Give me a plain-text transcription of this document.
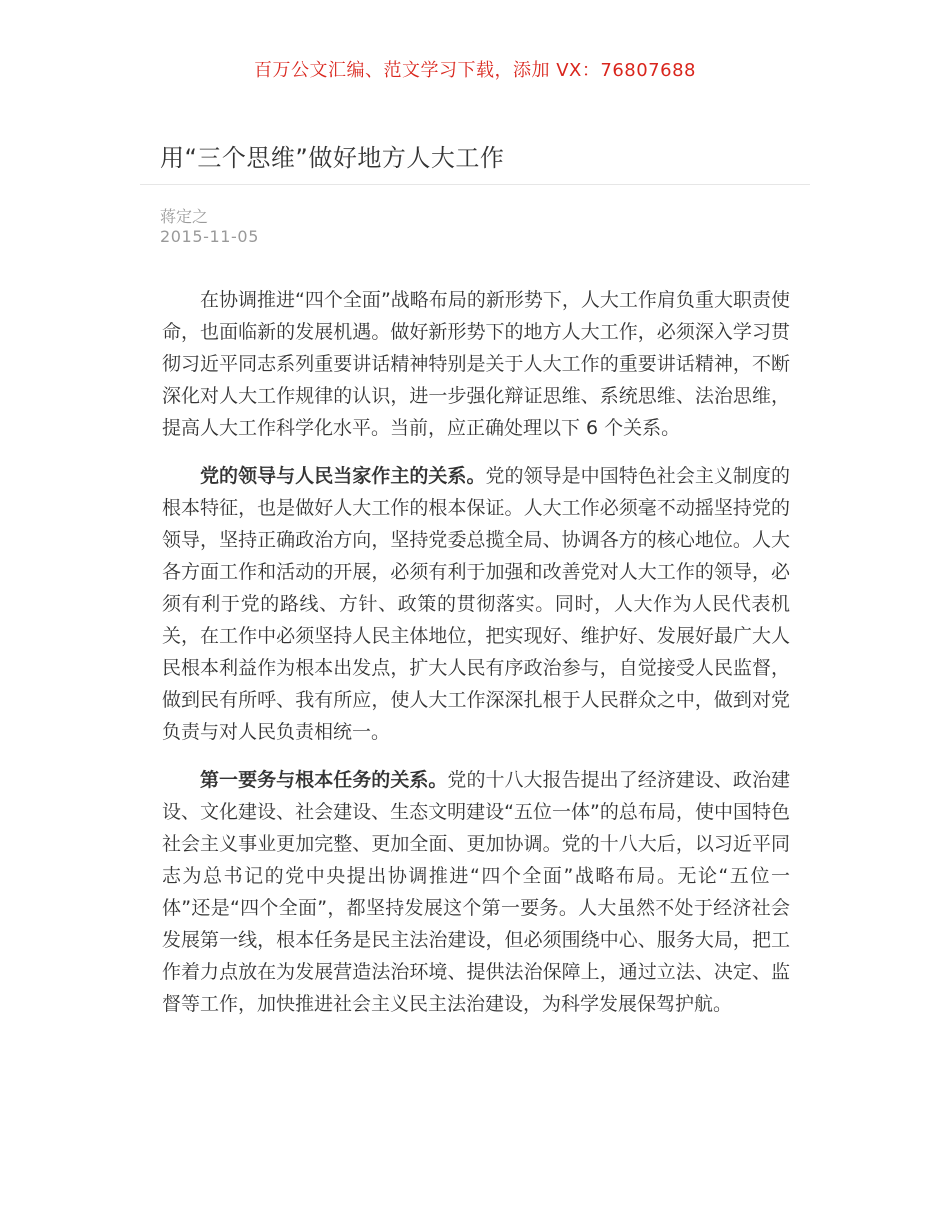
百万公文汇编、范文学习下载，添加 VX：76807688
用“三个思维”做好地方人大工作
蒋定之
2015-11-05

在协调推进“四个全面”战略布局的新形势下，人大工作肩负重大职责使命，也面临新的发展机遇。做好新形势下的地方人大工作，必须深入学习贯彻习近平同志系列重要讲话精神特别是关于人大工作的重要讲话精神，不断深化对人大工作规律的认识，进一步强化辩证思维、系统思维、法治思维，提高人大工作科学化水平。当前，应正确处理以下 6 个关系。

党的领导与人民当家作主的关系。党的领导是中国特色社会主义制度的根本特征，也是做好人大工作的根本保证。人大工作必须毫不动摇坚持党的领导，坚持正确政治方向，坚持党委总揽全局、协调各方的核心地位。人大各方面工作和活动的开展，必须有利于加强和改善党对人大工作的领导，必须有利于党的路线、方针、政策的贯彻落实。同时，人大作为人民代表机关，在工作中必须坚持人民主体地位，把实现好、维护好、发展好最广大人民根本利益作为根本出发点，扩大人民有序政治参与，自觉接受人民监督，做到民有所呼、我有所应，使人大工作深深扎根于人民群众之中，做到对党负责与对人民负责相统一。

第一要务与根本任务的关系。党的十八大报告提出了经济建设、政治建设、文化建设、社会建设、生态文明建设“五位一体”的总布局，使中国特色社会主义事业更加完整、更加全面、更加协调。党的十八大后，以习近平同志为总书记的党中央提出协调推进“四个全面”战略布局。无论“五位一体”还是“四个全面”，都坚持发展这个第一要务。人大虽然不处于经济社会发展第一线，根本任务是民主法治建设，但必须围绕中心、服务大局，把工作着力点放在为发展营造法治环境、提供法治保障上，通过立法、决定、监督等工作，加快推进社会主义民主法治建设，为科学发展保驾护航。
